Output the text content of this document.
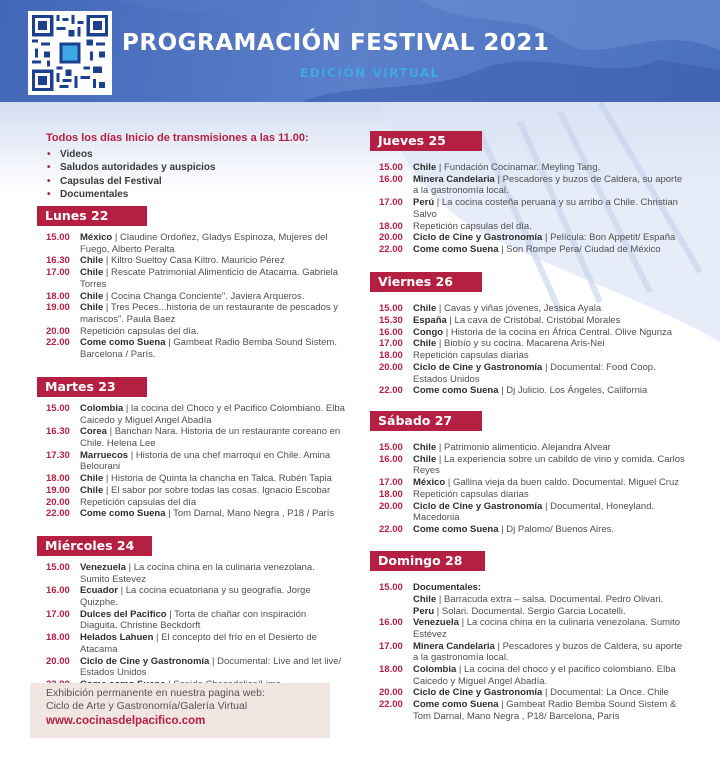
PROGRAMACIÓN FESTIVAL 2021
EDICIÓN VIRTUAL
Todos los días Inicio de transmisiones a las 11.00:
• Videos
• Saludos autoridades y auspicios
• Capsulas del Festival
• Documentales
Lunes 22
Martes 23
Miércoles 24
Jueves 25
Viernes 26
Sábado 27
Domingo 28
15.00	México | Claudine Ordoñez, Gladys Espinoza, Mujeres del Fuego, Alberto Peralta
16.30	Chile | Kiltro Sueltoy Casa Kiltro. Mauricio Pérez
17.00	Chile | Rescate Patrimonial Alimenticio de Atacama. Gabriela Torres
18.00	Chile | Cocina Changa Conciente". Javiera Arqueros.
19.00	Chile | Tres Peces...historia de un restaurante de pescados y mariscos". Paula Baez
20.00	Repetición capsulas del día.
22.00	Come como Suena | Gambeat Radio Bemba Sound Sistem. Barcelona / París.
15.00	Colombia | la cocina del Choco y el Pacifico Colombiano. Elba Caicedo y Miguel Angel Abadía
16.30	Corea | Banchan Nara. Historia de un restaurante coreano en Chile. Helena Lee
17.30	Marruecos | Historia de una chef marroquí en Chile. Amina Belourani
18.00	Chile | Historia de Quinta la chancha en Talca. Rubén Tapia
19.00	Chile | El sabor por sobre todas las cosas. Ignacio Escobar
20.00	Repetición capsulas del día
22.00	Come como Suena | Tom Darnal, Mano Negra , P18 / París
15.00	Venezuela | La cocina china en la culinaria venezolana. Sumito Estevez
16.00	Ecuador | La cocina ecuatoriana y su geografía. Jorge Quizphe.
17.00	Dulces del Pacifico | Torta de chañar con inspiración Diaguita. Christine Beckdorft
18.00	Helados Lahuen | El concepto del frío en el Desierto de Atacama
20.00	Ciclo de Cine y Gastronomía | Documental: Live and let live/ Estados Unidos
15.00	Chile | Fundación Cocinamar. Meyling Tang.
16.00	Minera Candelaria | Pescadores y buzos de Caldera, su aporte a la gastronomía local.
17.00	Perú | La cocina costeña peruana y su arribo a Chile. Christian Salvo
18.00	Repetición capsulas del día.
20.00	Ciclo de Cine y Gastronomía | Película: Bon Appetit/ España
22.00	Come como Suena | Son Rompe Pera/ Ciudad de México
15.00	Chile | Cavas y viñas jóvenes, Jessica Ayala
15.30	España | La cava de Cristóbal. Cristóbal Morales
16.00	Congo | Historia de la cocina en África Central. Olive Ngunza
17.00	Chile | Biobío y su cocina. Macarena Aris-Nei
18.00	Repetición capsulas diarias
20.00	Ciclo de Cine y Gastronomía | Documental: Food Coop. Estados Unidos
22.00	Come como Suena | Dj Julicio. Los Ángeles, California
15.00	Chile | Patrimonio alimenticio. Alejandra Alvear
16.00	Chile | La experiencia sobre un cabildo de vino y comida. Carlos Reyes
17.00	México | Gallina vieja da buen caldo. Documental. Miguel Cruz
18.00	Repetición capsulas diarias
20.00	Ciclo de Cine y Gastronomía | Documental, Honeyland. Macedonia
22.00	Come como Suena | Dj Palomo/ Buenos Aires.
15.00	Documentales:
Chile | Barracuda extra – salsa. Documental. Pedro Olivari.
Peru | Solari. Documental. Sergio Garcia Locatelli.
16.00	Venezuela | La cocina china en la culinaria venezolana. Sumito Estévez
17.00	Minera Candelaria | Pescadores y buzos de Caldera, su aporte a la gastronomía local.
18.00	Colombia | La cocina del choco y el pacifico colombiano. Elba Caicedo y Miguel Angel Abadía.
20.00	Ciclo de Cine y Gastronomía | Documental: La Once. Chile
22.00	Come como Suena | Gambeat Radio Bemba Sound Sistem & Tom Darnal, Mano Negra , P18/ Barcelona, París
Exhibición permanente en nuestra pagina web:
Ciclo de Arte y Gastronomía/Galería Virtual
www.cocinasdelpacifico.com
